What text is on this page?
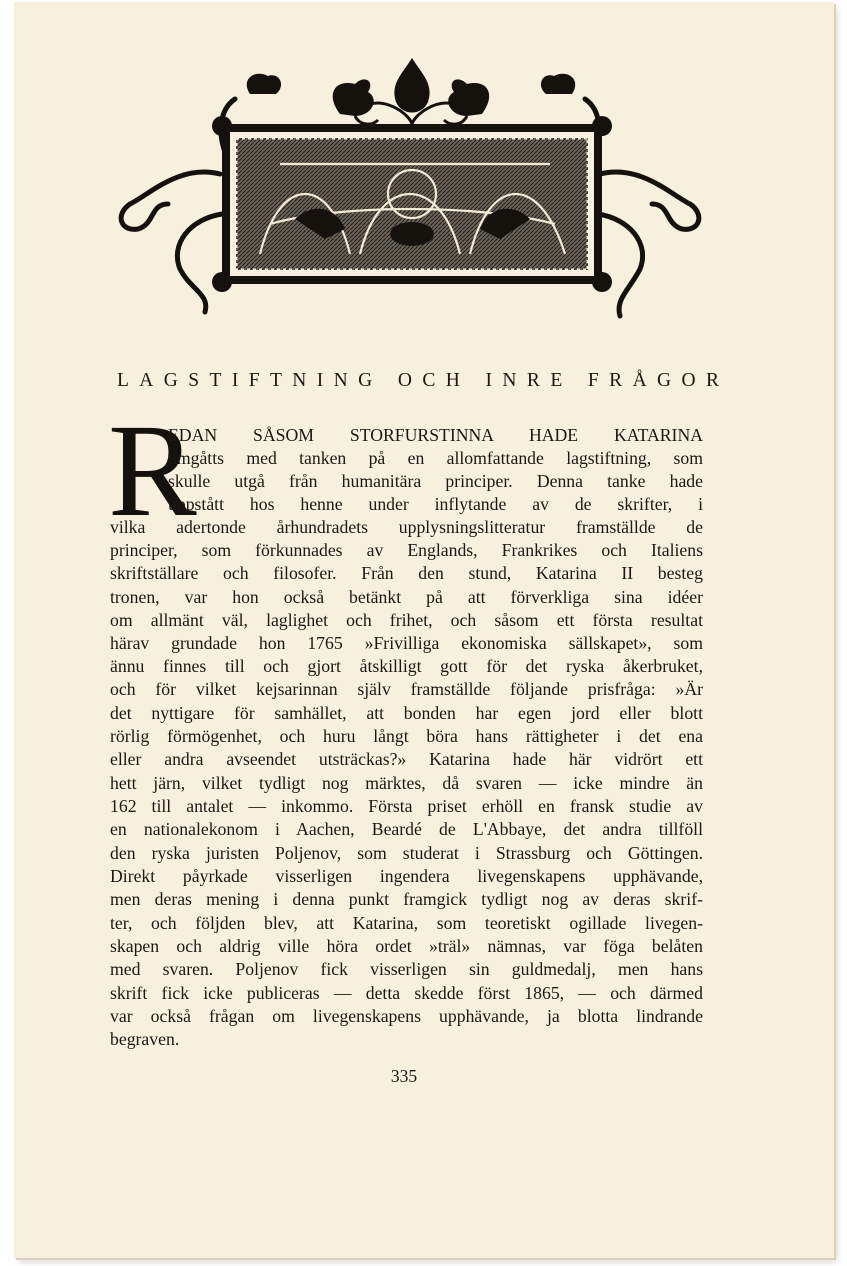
LAGSTIFTNING OCH INRE FRÅGOR
R
EDAN SÅSOM STORFURSTINNA HADE KATARINA
umgåtts med tanken på en allomfattande lagstiftning, som
skulle utgå från humanitära principer. Denna tanke hade
uppstått hos henne under inflytande av de skrifter, i
vilka adertonde århundradets upplysningslitteratur framställde de
principer, som förkunnades av Englands, Frankrikes och Italiens
skriftställare och filosofer. Från den stund, Katarina II besteg
tronen, var hon också betänkt på att förverkliga sina idéer
om allmänt väl, laglighet och frihet, och såsom ett första resultat
härav grundade hon 1765 »Frivilliga ekonomiska sällskapet», som
ännu finnes till och gjort åtskilligt gott för det ryska åkerbruket,
och för vilket kejsarinnan själv framställde följande prisfråga: »Är
det nyttigare för samhället, att bonden har egen jord eller blott
rörlig förmögenhet, och huru långt böra hans rättigheter i det ena
eller andra avseendet utsträckas?» Katarina hade här vidrört ett
hett järn, vilket tydligt nog märktes, då svaren — icke mindre än
162 till antalet — inkommo. Första priset erhöll en fransk studie av
en nationalekonom i Aachen, Beardé de L'Abbaye, det andra tillföll
den ryska juristen Poljenov, som studerat i Strassburg och Göttingen.
Direkt påyrkade visserligen ingendera livegenskapens upphävande,
men deras mening i denna punkt framgick tydligt nog av deras skrif-
ter, och följden blev, att Katarina, som teoretiskt ogillade livegen-
skapen och aldrig ville höra ordet »träl» nämnas, var föga belåten
med svaren. Poljenov fick visserligen sin guldmedalj, men hans
skrift fick icke publiceras — detta skedde först 1865, — och därmed
var också frågan om livegenskapens upphävande, ja blotta lindrande
begraven.
335
